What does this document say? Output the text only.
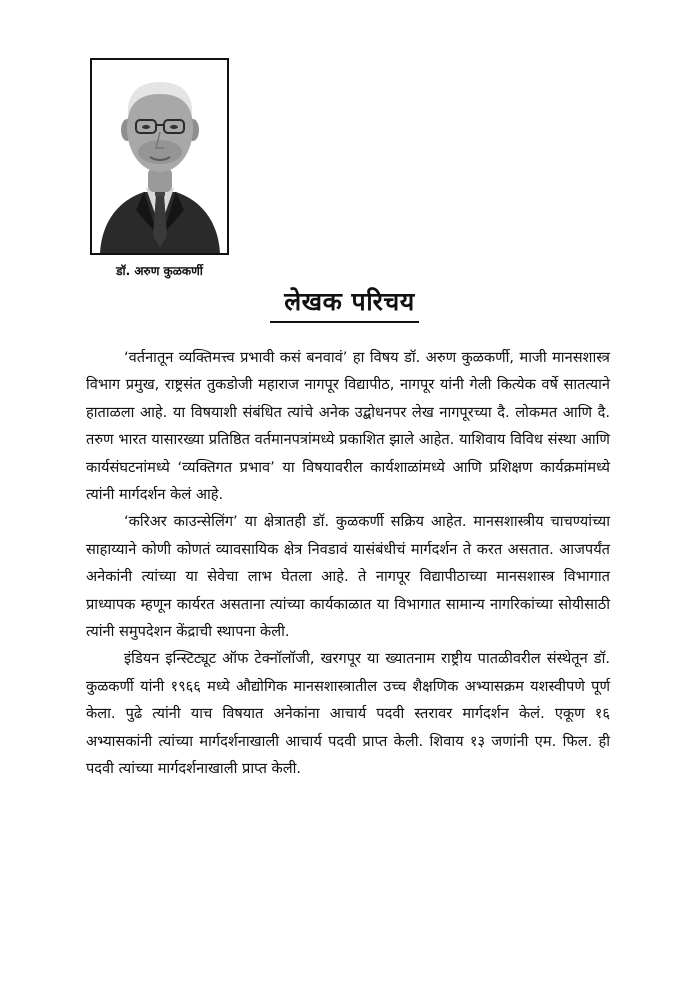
डॉ. अरुण कुळकर्णी
लेखक परिचय

‘वर्तनातून व्यक्तिमत्त्व प्रभावी कसं बनवावं’ हा विषय डॉ. अरुण कुळकर्णी, माजी मानसशास्त्र विभाग प्रमुख, राष्ट्रसंत तुकडोजी महाराज नागपूर विद्यापीठ, नागपूर यांनी गेली कित्येक वर्षे सातत्याने हाताळला आहे. या विषयाशी संबंधित त्यांचे अनेक उद्बोधनपर लेख नागपूरच्या दै. लोकमत आणि दै. तरुण भारत यासारख्या प्रतिष्ठित वर्तमानपत्रांमध्ये प्रकाशित झाले आहेत. याशिवाय विविध संस्था आणि कार्यसंघटनांमध्ये ‘व्यक्तिगत प्रभाव’ या विषयावरील कार्यशाळांमध्ये आणि प्रशिक्षण कार्यक्रमांमध्ये त्यांनी मार्गदर्शन केलं आहे.

‘करिअर काउन्सेलिंग’ या क्षेत्रातही डॉ. कुळकर्णी सक्रिय आहेत. मानसशास्त्रीय चाचण्यांच्या साहाय्याने कोणी कोणतं व्यावसायिक क्षेत्र निवडावं यासंबंधीचं मार्गदर्शन ते करत असतात. आजपर्यंत अनेकांनी त्यांच्या या सेवेचा लाभ घेतला आहे. ते नागपूर विद्यापीठाच्या मानसशास्त्र विभागात प्राध्यापक म्हणून कार्यरत असताना त्यांच्या कार्यकाळात या विभागात सामान्य नागरिकांच्या सोयीसाठी त्यांनी समुपदेशन केंद्राची स्थापना केली.

इंडियन इन्स्टिट्यूट ऑफ टेक्नॉलॉजी, खरगपूर या ख्यातनाम राष्ट्रीय पातळीवरील संस्थेतून डॉ. कुळकर्णी यांनी १९६६ मध्ये औद्योगिक मानसशास्त्रातील उच्च शैक्षणिक अभ्यासक्रम यशस्वीपणे पूर्ण केला. पुढे त्यांनी याच विषयात अनेकांना आचार्य पदवी स्तरावर मार्गदर्शन केलं. एकूण १६ अभ्यासकांनी त्यांच्या मार्गदर्शनाखाली आचार्य पदवी प्राप्त केली. शिवाय १३ जणांनी एम. फिल. ही पदवी त्यांच्या मार्गदर्शनाखाली प्राप्त केली.
